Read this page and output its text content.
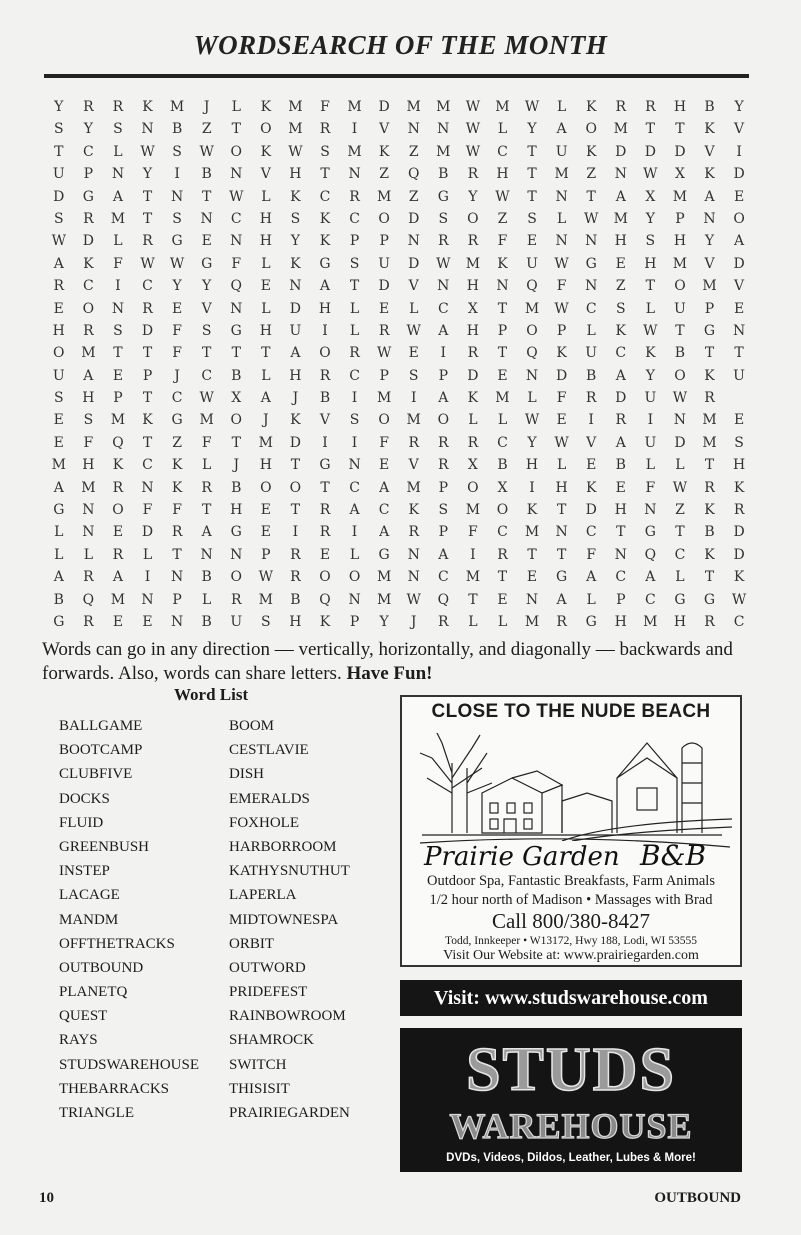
WORDSEARCH OF THE MONTH
Y	R	R	K	M	J	L	K	M	F	M	D	M	M	W	M	W	L	K	R	R	H	B	Y
S	Y	S	N	B	Z	T	O	M	R	I	V	N	N	W	L	Y	A	O	M	T	T	K	V
T	C	L	W	S	W	O	K	W	S	M	K	Z	M	W	C	T	U	K	D	D	D	V	I
U	P	N	Y	I	B	N	V	H	T	N	Z	Q	B	R	H	T	M	Z	N	W	X	K	D
D	G	A	T	N	T	W	L	K	C	R	M	Z	G	Y	W	T	N	T	A	X	M	A	E
S	R	M	T	S	N	C	H	S	K	C	O	D	S	O	Z	S	L	W	M	Y	P	N	O
W	D	L	R	G	E	N	H	Y	K	P	P	N	R	R	F	E	N	N	H	S	H	Y	A
A	K	F	W	W	G	F	L	K	G	S	U	D	W	M	K	U	W	G	E	H	M	V	D
R	C	I	C	Y	Y	Q	E	N	A	T	D	V	N	H	N	Q	F	N	Z	T	O	M	V
E	O	N	R	E	V	N	L	D	H	L	E	L	C	X	T	M	W	C	S	L	U	P	E
H	R	S	D	F	S	G	H	U	I	L	R	W	A	H	P	O	P	L	K	W	T	G	N
O	M	T	T	F	T	T	T	A	O	R	W	E	I	R	T	Q	K	U	C	K	B	T	T
U	A	E	P	J	C	B	L	H	R	C	P	S	P	D	E	N	D	B	A	Y	O	K	U
S	H	P	T	C	W	X	A	J	B	I	M	I	A	K	M	L	F	R	D	U	W	R
E	S	M	K	G	M	O	J	K	V	S	O	M	O	L	L	W	E	I	R	I	N	M	E
E	F	Q	T	Z	F	T	M	D	I	I	F	R	R	R	C	Y	W	V	A	U	D	M	S
M	H	K	C	K	L	J	H	T	G	N	E	V	R	X	B	H	L	E	B	L	L	T	H
A	M	R	N	K	R	B	O	O	T	C	A	M	P	O	X	I	H	K	E	F	W	R	K
G	N	O	F	F	T	H	E	T	R	A	C	K	S	M	O	K	T	D	H	N	Z	K	R
L	N	E	D	R	A	G	E	I	R	I	A	R	P	F	C	M	N	C	T	G	T	B	D
L	L	R	L	T	N	N	P	R	E	L	G	N	A	I	R	T	T	F	N	Q	C	K	D
A	R	A	I	N	B	O	W	R	O	O	M	N	C	M	T	E	G	A	C	A	L	T	K
B	Q	M	N	P	L	R	M	B	Q	N	M	W	Q	T	E	N	A	L	P	C	G	G	W
G	R	E	E	N	B	U	S	H	K	P	Y	J	R	L	L	M	R	G	H	M	H	R	C
Words can go in any direction — vertically, horizontally, and diagonally — backwards and forwards. Also, words can share letters. Have Fun!
Word List
BALLGAME
BOOTCAMP
CLUBFIVE
DOCKS
FLUID
GREENBUSH
INSTEP
LACAGE
MANDM
OFFTHETRACKS
OUTBOUND
PLANETQ
QUEST
RAYS
STUDSWAREHOUSE
THEBARRACKS
TRIANGLE
BOOM
CESTLAVIE
DISH
EMERALDS
FOXHOLE
HARBORROOM
KATHYSNUTHUT
LAPERLA
MIDTOWNESPA
ORBIT
OUTWORD
PRIDEFEST
RAINBOWROOM
SHAMROCK
SWITCH
THISISIT
PRAIRIEGARDEN
CLOSE TO THE NUDE BEACH
Prairie Garden B&B
Outdoor Spa, Fantastic Breakfasts, Farm Animals
1/2 hour north of Madison • Massages with Brad
Call 800/380-8427
Todd, Innkeeper • W13172, Hwy 188, Lodi, WI 53555
Visit Our Website at: www.prairiegarden.com
Visit: www.studswarehouse.com
STUDS
WAREHOUSE
DVDs, Videos, Dildos, Leather, Lubes & More!
10	OUTBOUND
